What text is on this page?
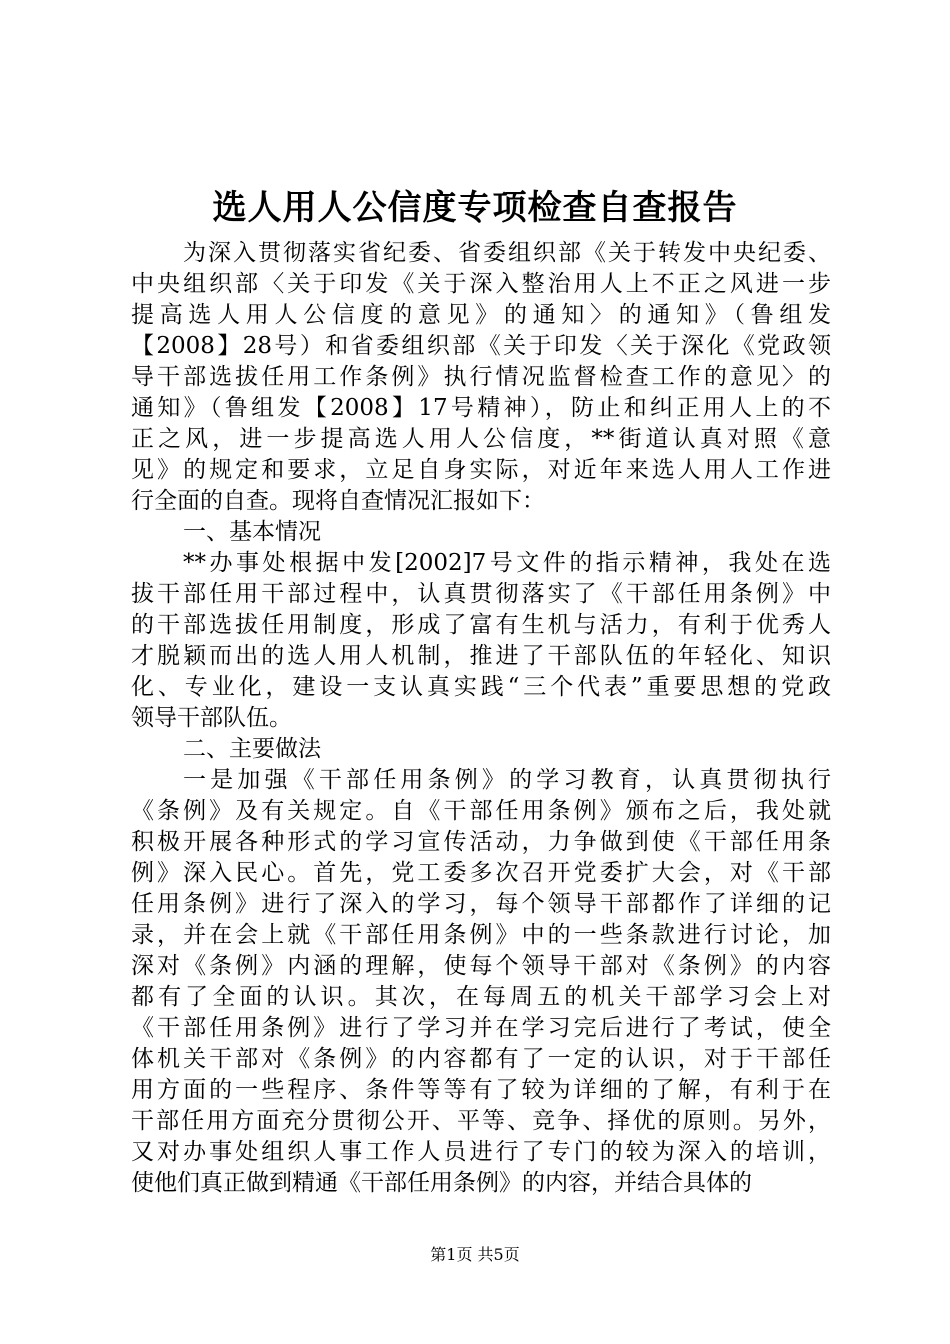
选人用人公信度专项检查自查报告
为深入贯彻落实省纪委、省委组织部《关于转发中央纪委、
中央组织部〈关于印发《关于深入整治用人上不正之风进一步
提高选人用人公信度的意见》的通知〉的通知》（鲁组发
【2008】28号）和省委组织部《关于印发〈关于深化《党政领
导干部选拔任用工作条例》执行情况监督检查工作的意见〉的
通知》（鲁组发【2008】17号精神），防止和纠正用人上的不
正之风，进一步提高选人用人公信度，**街道认真对照《意
见》的规定和要求，立足自身实际，对近年来选人用人工作进
行全面的自查。现将自查情况汇报如下：
一、基本情况
**办事处根据中发[2002]7号文件的指示精神，我处在选
拔干部任用干部过程中，认真贯彻落实了《干部任用条例》中
的干部选拔任用制度，形成了富有生机与活力，有利于优秀人
才脱颖而出的选人用人机制，推进了干部队伍的年轻化、知识
化、专业化，建设一支认真实践“三个代表”重要思想的党政
领导干部队伍。
二、主要做法
一是加强《干部任用条例》的学习教育，认真贯彻执行
《条例》及有关规定。自《干部任用条例》颁布之后，我处就
积极开展各种形式的学习宣传活动，力争做到使《干部任用条
例》深入民心。首先，党工委多次召开党委扩大会，对《干部
任用条例》进行了深入的学习，每个领导干部都作了详细的记
录，并在会上就《干部任用条例》中的一些条款进行讨论，加
深对《条例》内涵的理解，使每个领导干部对《条例》的内容
都有了全面的认识。其次，在每周五的机关干部学习会上对
《干部任用条例》进行了学习并在学习完后进行了考试，使全
体机关干部对《条例》的内容都有了一定的认识，对于干部任
用方面的一些程序、条件等等有了较为详细的了解，有利于在
干部任用方面充分贯彻公开、平等、竞争、择优的原则。另外，
又对办事处组织人事工作人员进行了专门的较为深入的培训，
使他们真正做到精通《干部任用条例》的内容，并结合具体的
第1页 共5页
